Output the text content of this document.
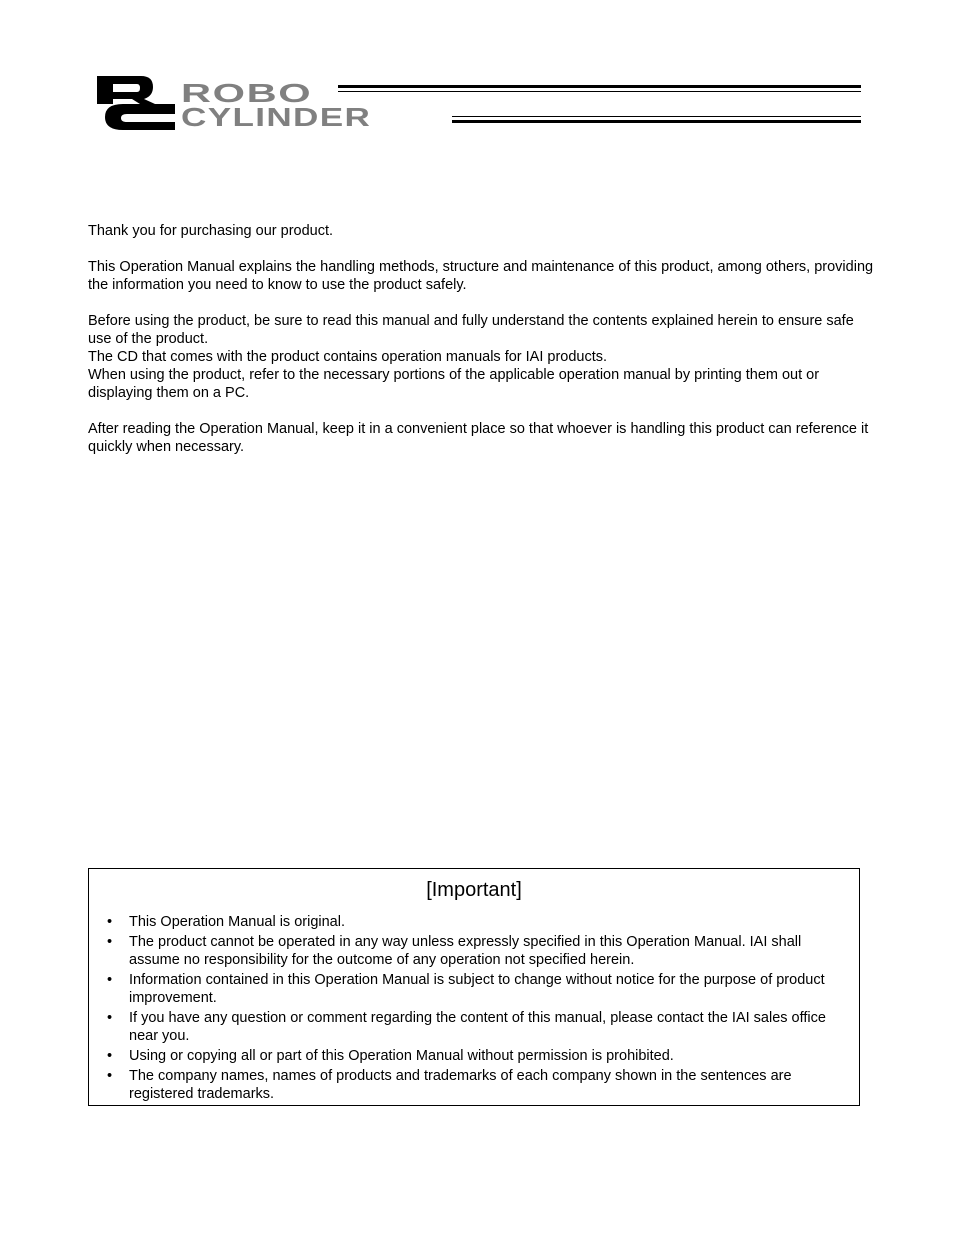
ROBO
CYLINDER

Thank you for purchasing our product.

This Operation Manual explains the handling methods, structure and maintenance of this product, among others, providing the information you need to know to use the product safely.

Before using the product, be sure to read this manual and fully understand the contents explained herein to ensure safe use of the product.
The CD that comes with the product contains operation manuals for IAI products.
When using the product, refer to the necessary portions of the applicable operation manual by printing them out or displaying them on a PC.

After reading the Operation Manual, keep it in a convenient place so that whoever is handling this product can reference it quickly when necessary.

[Important]
• This Operation Manual is original.
• The product cannot be operated in any way unless expressly specified in this Operation Manual. IAI shall assume no responsibility for the outcome of any operation not specified herein.
• Information contained in this Operation Manual is subject to change without notice for the purpose of product improvement.
• If you have any question or comment regarding the content of this manual, please contact the IAI sales office near you.
• Using or copying all or part of this Operation Manual without permission is prohibited.
• The company names, names of products and trademarks of each company shown in the sentences are registered trademarks.
